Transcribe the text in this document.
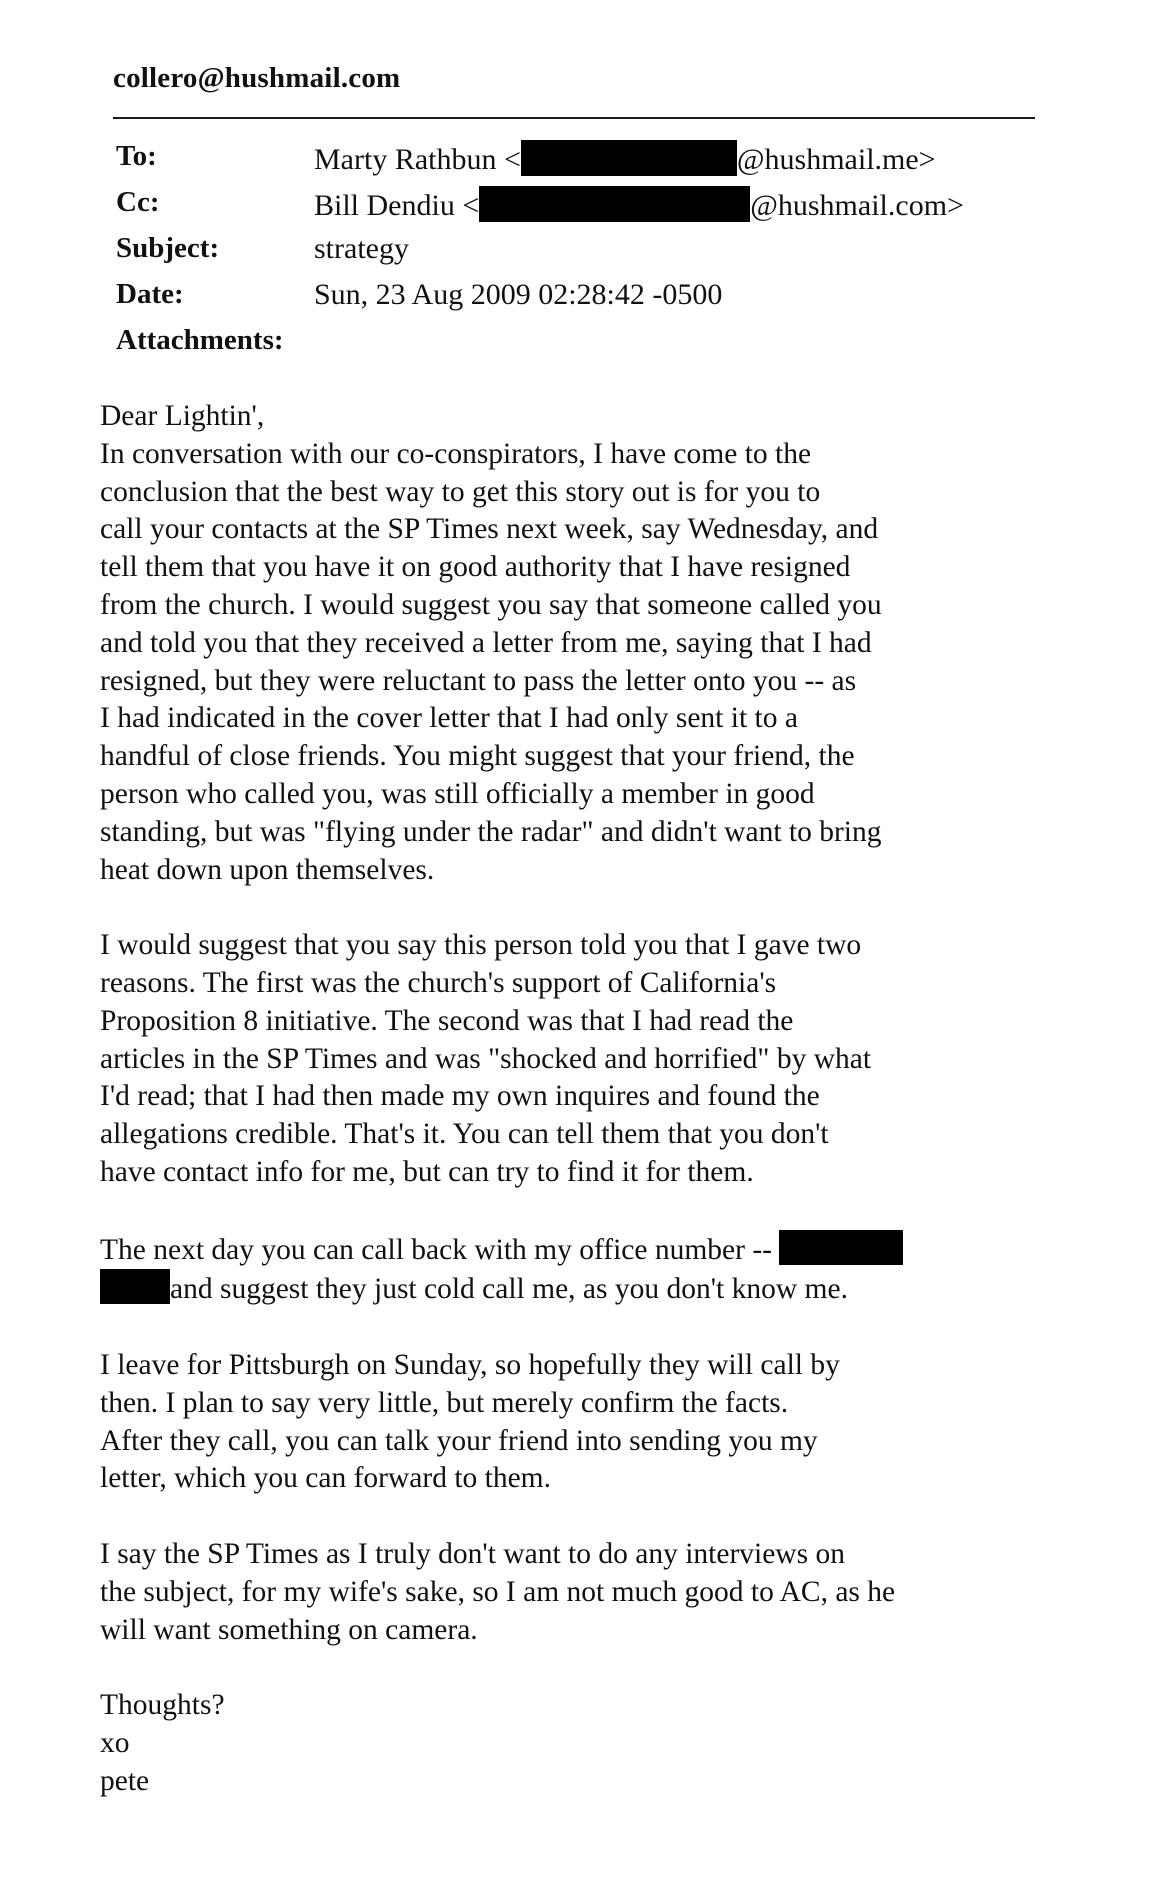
collero@hushmail.com
To:	Marty Rathbun <	@hushmail.me>
Cc:	Bill Dendiu <	@hushmail.com>
Subject:	strategy
Date:	Sun, 23 Aug 2009 02:28:42 -0500
Attachments:

Dear Lightin',

In conversation with our co-conspirators, I have come to the

conclusion that the best way to get this story out is for you to

call your contacts at the SP Times next week, say Wednesday, and

tell them that you have it on good authority that I have resigned

from the church. I would suggest you say that someone called you

and told you that they received a letter from me, saying that I had

resigned, but they were reluctant to pass the letter onto you -- as

I had indicated in the cover letter that I had only sent it to a

handful of close friends. You might suggest that your friend, the

person who called you, was still officially a member in good

standing, but was "flying under the radar" and didn't want to bring

heat down upon themselves.

I would suggest that you say this person told you that I gave two

reasons. The first was the church's support of California's

Proposition 8 initiative. The second was that I had read the

articles in the SP Times and was "shocked and horrified" by what

I'd read; that I had then made my own inquires and found the

allegations credible. That's it. You can tell them that you don't

have contact info for me, but can try to find it for them.

The next day you can call back with my office number --

and suggest they just cold call me, as you don't know me.

I leave for Pittsburgh on Sunday, so hopefully they will call by

then. I plan to say very little, but merely confirm the facts.

After they call, you can talk your friend into sending you my

letter, which you can forward to them.

I say the SP Times as I truly don't want to do any interviews on

the subject, for my wife's sake, so I am not much good to AC, as he

will want something on camera.

Thoughts?

xo

pete
